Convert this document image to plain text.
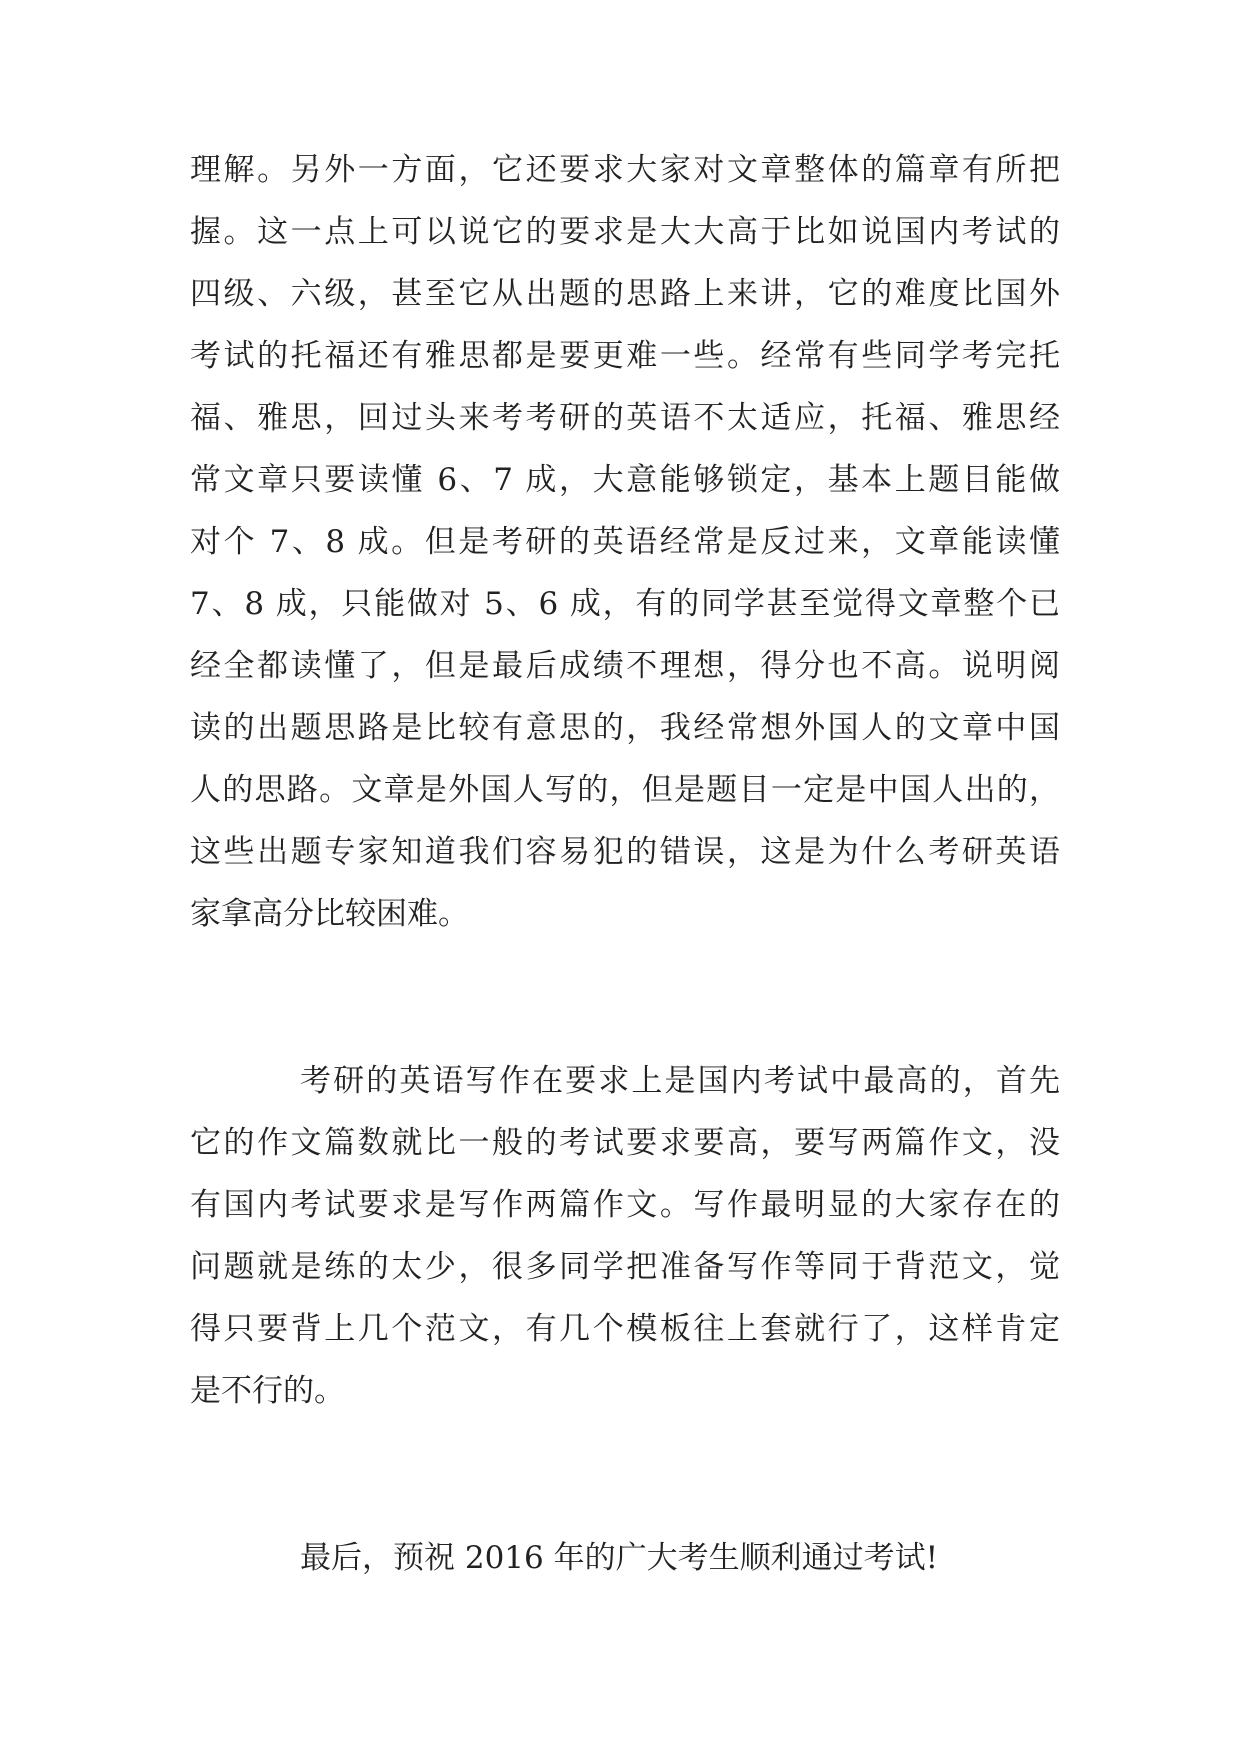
理解。另外一方面，它还要求大家对文章整体的篇章有所把

握。这一点上可以说它的要求是大大高于比如说国内考试的

四级、六级，甚至它从出题的思路上来讲，它的难度比国外

考试的托福还有雅思都是要更难一些。经常有些同学考完托

福、雅思，回过头来考考研的英语不太适应，托福、雅思经

常文章只要读懂 6、7 成，大意能够锁定，基本上题目能做

对个 7、8 成。但是考研的英语经常是反过来，文章能读懂

7、8 成，只能做对 5、6 成，有的同学甚至觉得文章整个已

经全都读懂了，但是最后成绩不理想，得分也不高。说明阅

读的出题思路是比较有意思的，我经常想外国人的文章中国

人的思路。文章是外国人写的，但是题目一定是中国人出的，

这些出题专家知道我们容易犯的错误，这是为什么考研英语

家拿高分比较困难。

考研的英语写作在要求上是国内考试中最高的，首先

它的作文篇数就比一般的考试要求要高，要写两篇作文，没

有国内考试要求是写作两篇作文。写作最明显的大家存在的

问题就是练的太少，很多同学把准备写作等同于背范文，觉

得只要背上几个范文，有几个模板往上套就行了，这样肯定

是不行的。

最后，预祝 2016 年的广大考生顺利通过考试!
